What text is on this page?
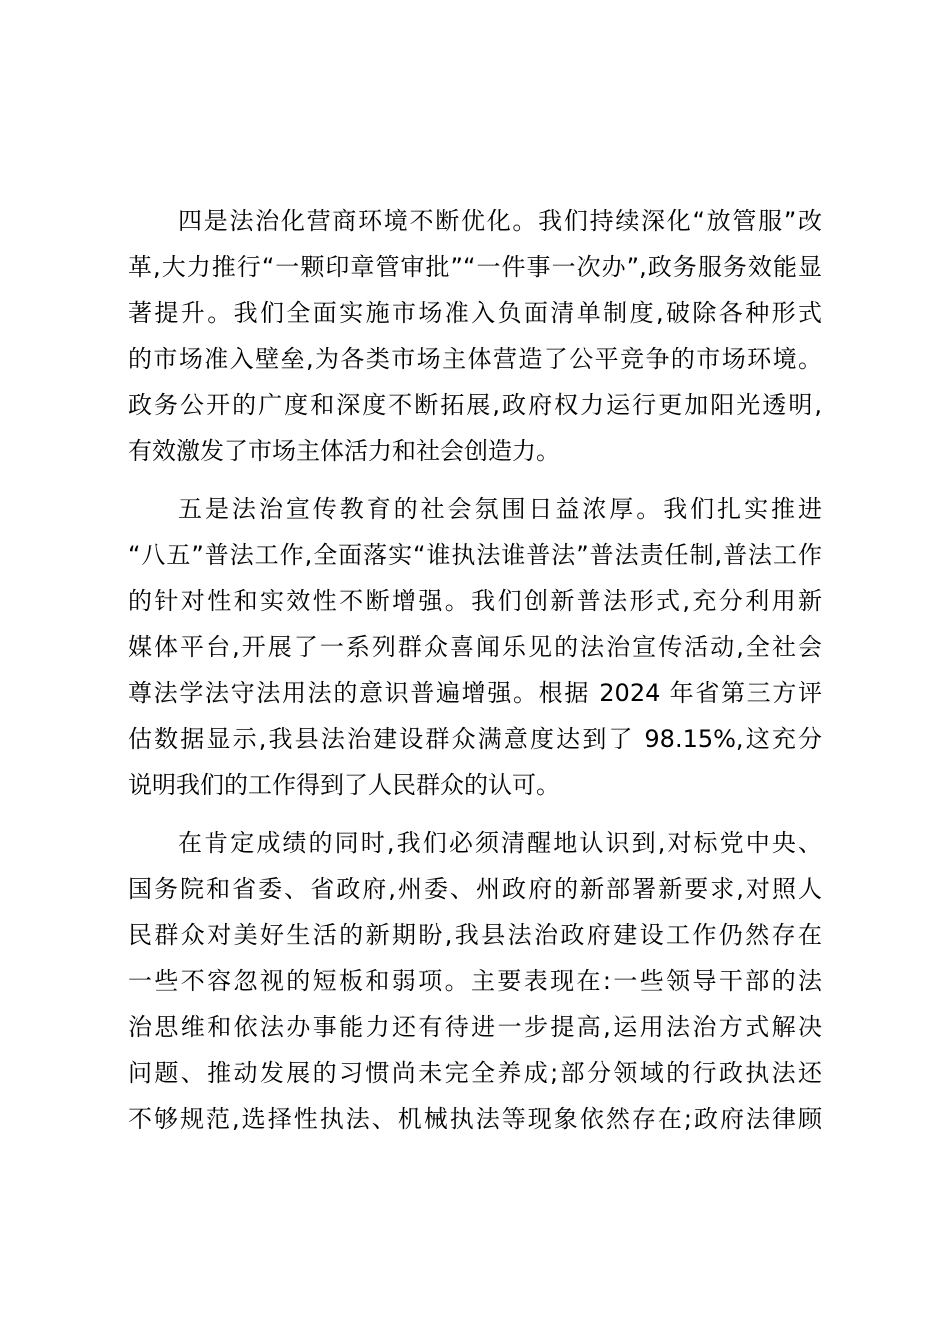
四是法治化营商环境不断优化。我们持续深化“放管服”改
革,大力推行“一颗印章管审批”“一件事一次办”,政务服务效能显
著提升。我们全面实施市场准入负面清单制度,破除各种形式
的市场准入壁垒,为各类市场主体营造了公平竞争的市场环境。
政务公开的广度和深度不断拓展,政府权力运行更加阳光透明,
有效激发了市场主体活力和社会创造力。
五是法治宣传教育的社会氛围日益浓厚。我们扎实推进
“八五”普法工作,全面落实“谁执法谁普法”普法责任制,普法工作
的针对性和实效性不断增强。我们创新普法形式,充分利用新
媒体平台,开展了一系列群众喜闻乐见的法治宣传活动,全社会
尊法学法守法用法的意识普遍增强。根据 2024 年省第三方评
估数据显示,我县法治建设群众满意度达到了 98.15%,这充分
说明我们的工作得到了人民群众的认可。
在肯定成绩的同时,我们必须清醒地认识到,对标党中央、
国务院和省委、省政府,州委、州政府的新部署新要求,对照人
民群众对美好生活的新期盼,我县法治政府建设工作仍然存在
一些不容忽视的短板和弱项。主要表现在:一些领导干部的法
治思维和依法办事能力还有待进一步提高,运用法治方式解决
问题、推动发展的习惯尚未完全养成;部分领域的行政执法还
不够规范,选择性执法、机械执法等现象依然存在;政府法律顾
